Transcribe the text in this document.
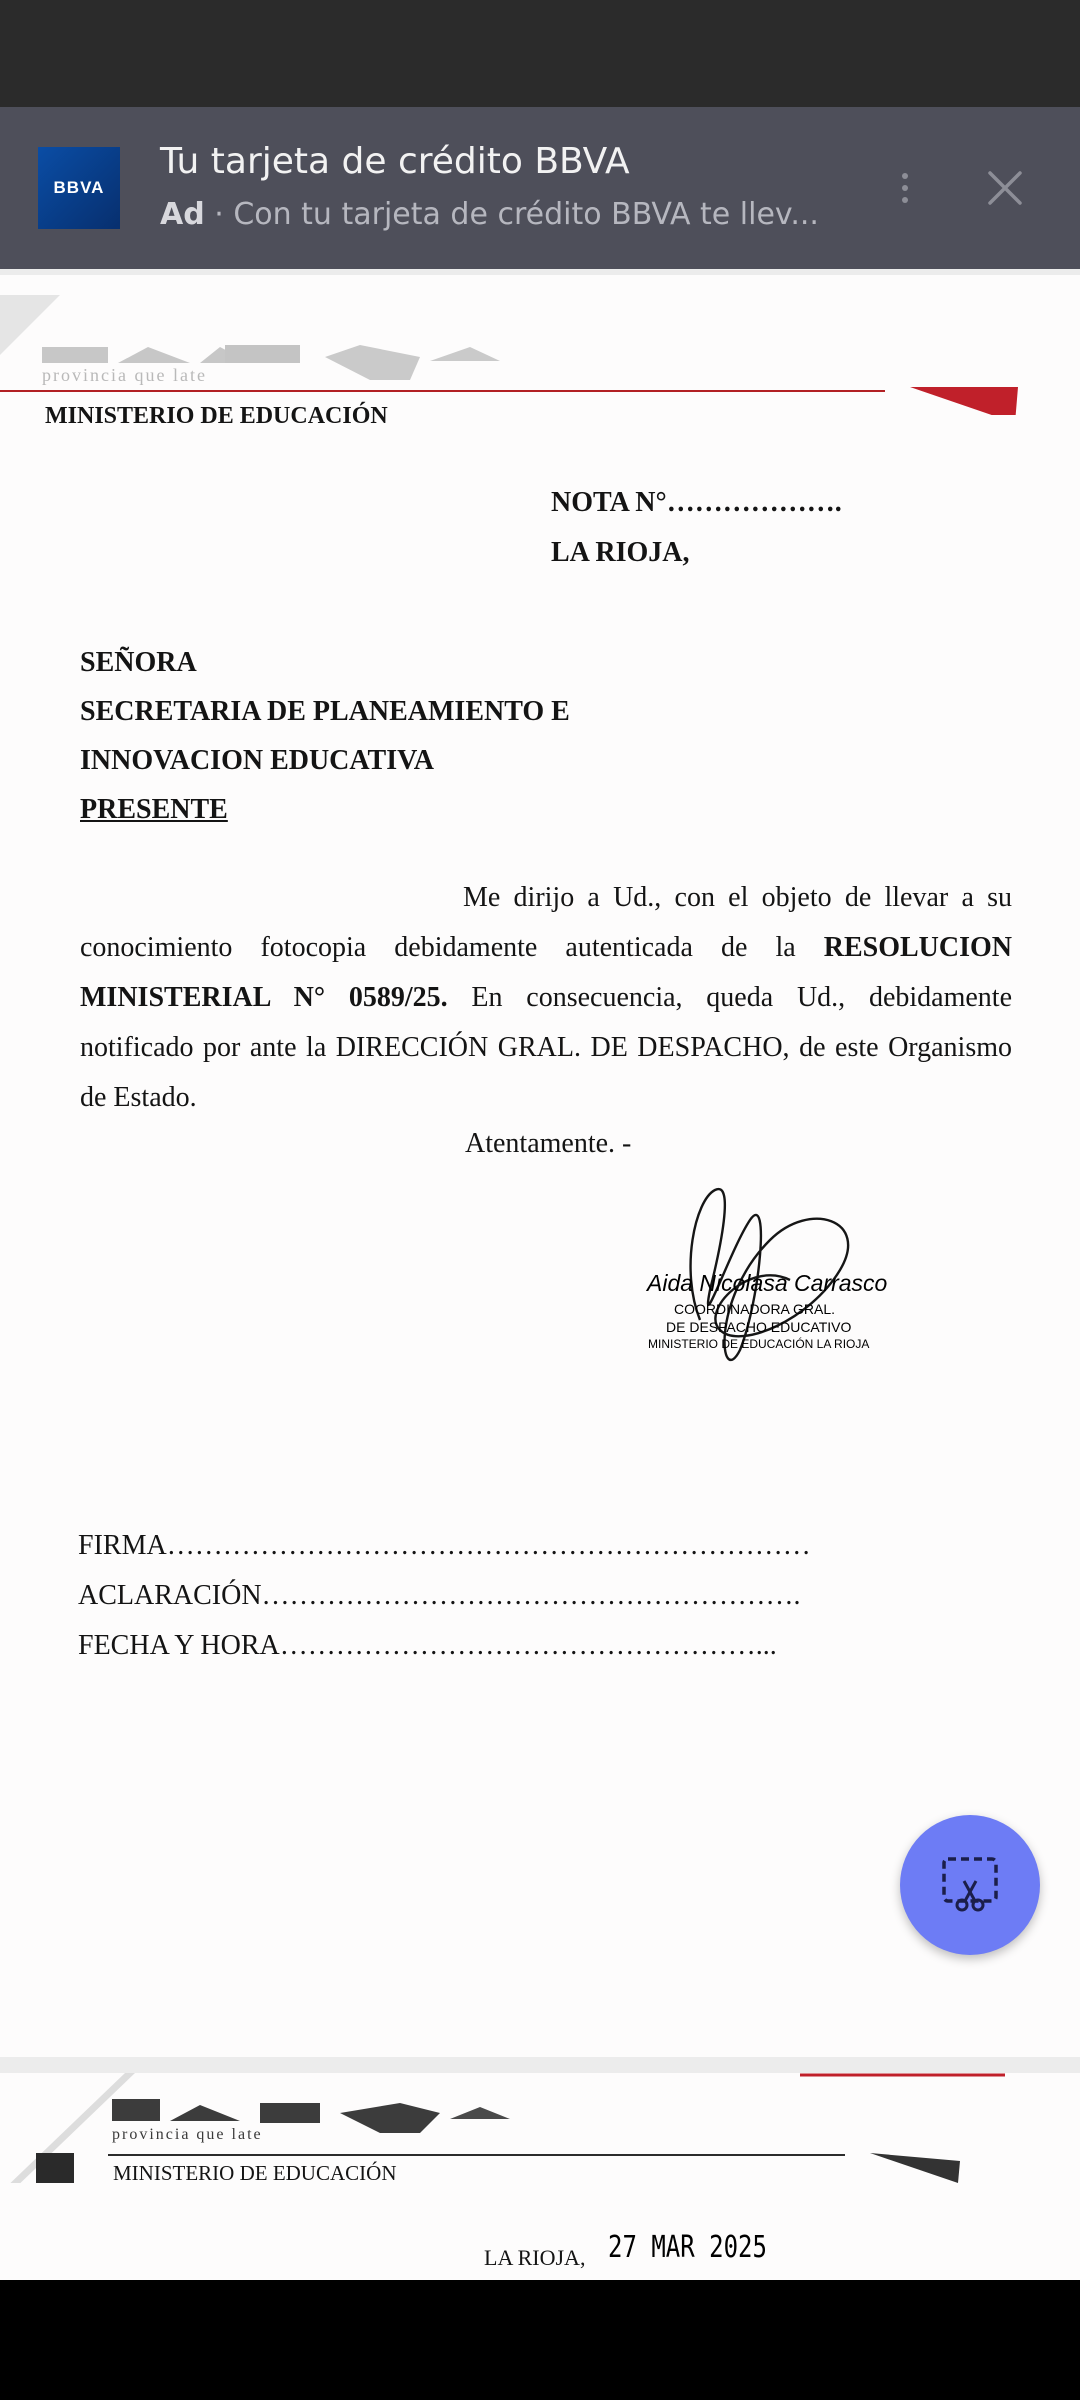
BBVA
Tu tarjeta de crédito BBVA
Ad · Con tu tarjeta de crédito BBVA te llev...
provincia que late
MINISTERIO DE EDUCACIÓN
NOTA N°……………….
LA RIOJA,
SEÑORA
SECRETARIA DE PLANEAMIENTO E
INNOVACION EDUCATIVA
PRESENTE
Me dirijo a Ud., con el objeto de llevar a su conocimiento fotocopia debidamente autenticada de la RESOLUCION MINISTERIAL N° 0589/25. En consecuencia, queda Ud., debidamente notificado por ante la DIRECCIÓN GRAL. DE DESPACHO, de este Organismo de Estado.
Atentamente. -
Aida Nicolasa Carrasco
COORDINADORA GRAL.
DE DESPACHO EDUCATIVO
MINISTERIO DE EDUCACIÓN LA RIOJA
FIRMA……………………………………………………………
ACLARACIÓN………………………………………………….
FECHA Y HORA……………………………………………...
provincia que late
MINISTERIO DE EDUCACIÓN
LA RIOJA, 27 MAR 2025
